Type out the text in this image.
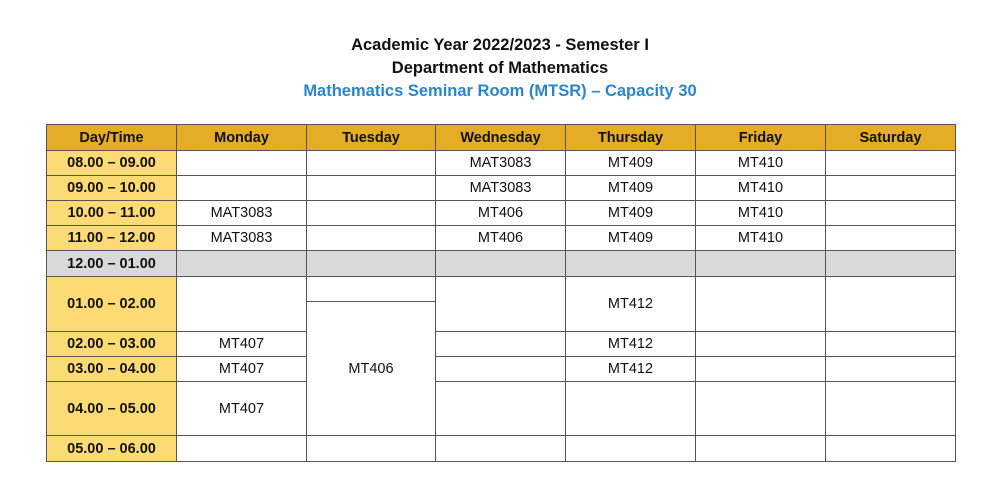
Academic Year 2022/2023 - Semester I
Department of Mathematics
Mathematics Seminar Room (MTSR) – Capacity 30
Day/Time	Monday	Tuesday	Wednesday	Thursday	Friday	Saturday	
08.00 – 09.00			MAT3083	MT409	MT410		
09.00 – 10.00			MAT3083	MT409	MT410		
10.00 – 11.00	MAT3083		MT406	MT409	MT410		
11.00 – 12.00	MAT3083		MT406	MT409	MT410		
12.00 – 01.00							
01.00 – 02.00				MT412			
		MT406					
02.00 – 03.00	MT407			MT412			
03.00 – 04.00	MT407			MT412			
04.00 – 05.00	MT407						

05.00 – 06.00							
